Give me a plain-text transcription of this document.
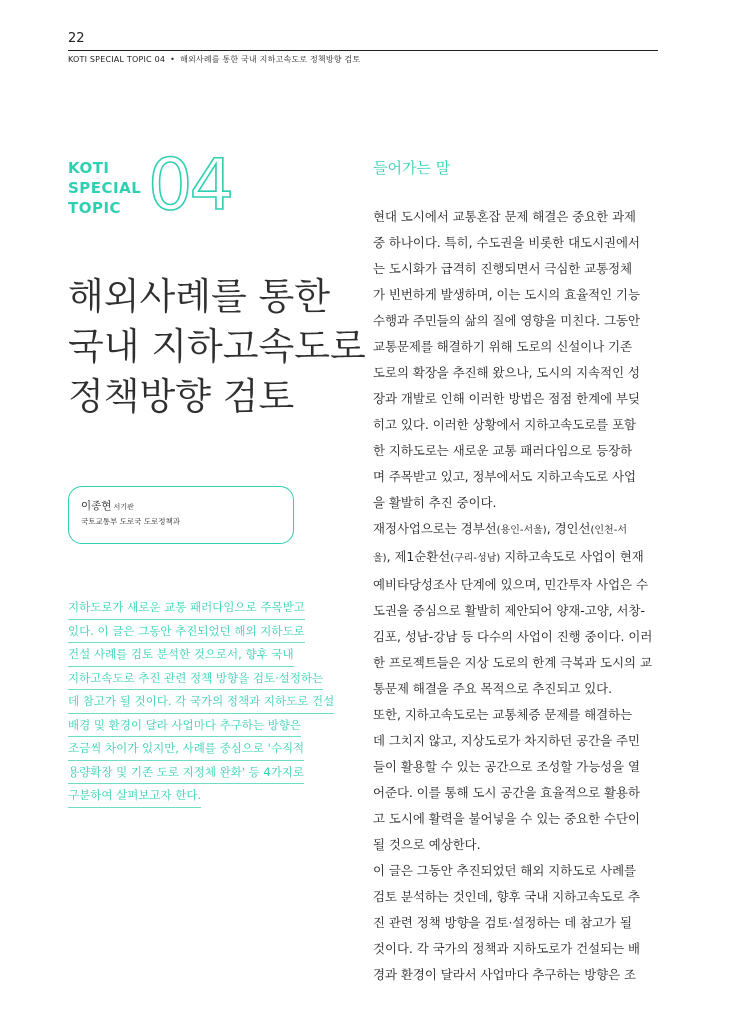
22
KOTI SPECIAL TOPIC 04 • 해외사례를 통한 국내 지하고속도로 정책방향 검토
KOTI
SPECIAL
TOPIC 04
해외사례를 통한
국내 지하고속도로
정책방향 검토
이종현 서기관
국토교통부 도로국 도로정책과
지하도로가 새로운 교통 패러다임으로 주목받고
있다. 이 글은 그동안 추진되었던 해외 지하도로
건설 사례를 검토 분석한 것으로서, 향후 국내
지하고속도로 추진 관련 정책 방향을 검토·설정하는
데 참고가 될 것이다. 각 국가의 정책과 지하도로 건설
배경 및 환경이 달라 사업마다 추구하는 방향은
조금씩 차이가 있지만, 사례를 중심으로 '수직적
용량확장 및 기존 도로 지정체 완화' 등 4가지로
구분하여 살펴보고자 한다.
들어가는 말
현대 도시에서 교통혼잡 문제 해결은 중요한 과제
중 하나이다. 특히, 수도권을 비롯한 대도시권에서
는 도시화가 급격히 진행되면서 극심한 교통정체
가 빈번하게 발생하며, 이는 도시의 효율적인 기능
수행과 주민들의 삶의 질에 영향을 미친다. 그동안
교통문제를 해결하기 위해 도로의 신설이나 기존
도로의 확장을 추진해 왔으나, 도시의 지속적인 성
장과 개발로 인해 이러한 방법은 점점 한계에 부딪
히고 있다. 이러한 상황에서 지하고속도로를 포함
한 지하도로는 새로운 교통 패러다임으로 등장하
며 주목받고 있고, 정부에서도 지하고속도로 사업
을 활발히 추진 중이다.
재정사업으로는 경부선(용인-서울), 경인선(인천-서
울), 제1순환선(구리-성남) 지하고속도로 사업이 현재
예비타당성조사 단계에 있으며, 민간투자 사업은 수
도권을 중심으로 활발히 제안되어 양재-고양, 서창-
김포, 성남-강남 등 다수의 사업이 진행 중이다. 이러
한 프로젝트들은 지상 도로의 한계 극복과 도시의 교
통문제 해결을 주요 목적으로 추진되고 있다.
또한, 지하고속도로는 교통체증 문제를 해결하는
데 그치지 않고, 지상도로가 차지하던 공간을 주민
들이 활용할 수 있는 공간으로 조성할 가능성을 열
어준다. 이를 통해 도시 공간을 효율적으로 활용하
고 도시에 활력을 불어넣을 수 있는 중요한 수단이
될 것으로 예상한다.
이 글은 그동안 추진되었던 해외 지하도로 사례를
검토 분석하는 것인데, 향후 국내 지하고속도로 추
진 관련 정책 방향을 검토·설정하는 데 참고가 될
것이다. 각 국가의 정책과 지하도로가 건설되는 배
경과 환경이 달라서 사업마다 추구하는 방향은 조
